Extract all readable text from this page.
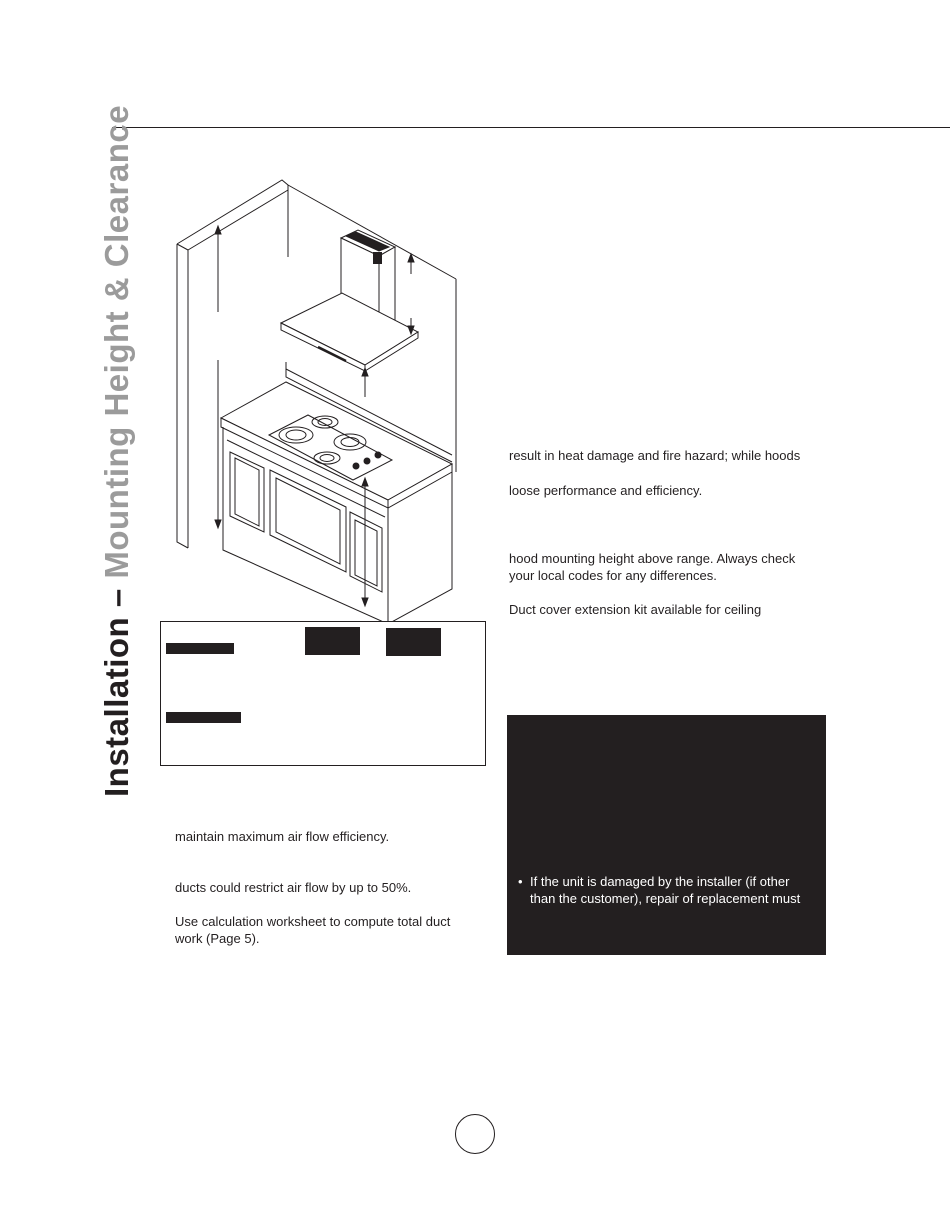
Installation – Mounting Height & Clearance	result in heat damage and fire hazard; while hoods
loose performance and efficiency.
hood mounting height above range. Always check
your local codes for any differences.
Duct cover extension kit available for ceiling
maintain maximum air flow efficiency.
ducts could restrict air flow by up to 50%.
Use calculation worksheet to compute total duct
work (Page 5).
• If the unit is damaged by the installer (if other
than the customer), repair of replacement must
